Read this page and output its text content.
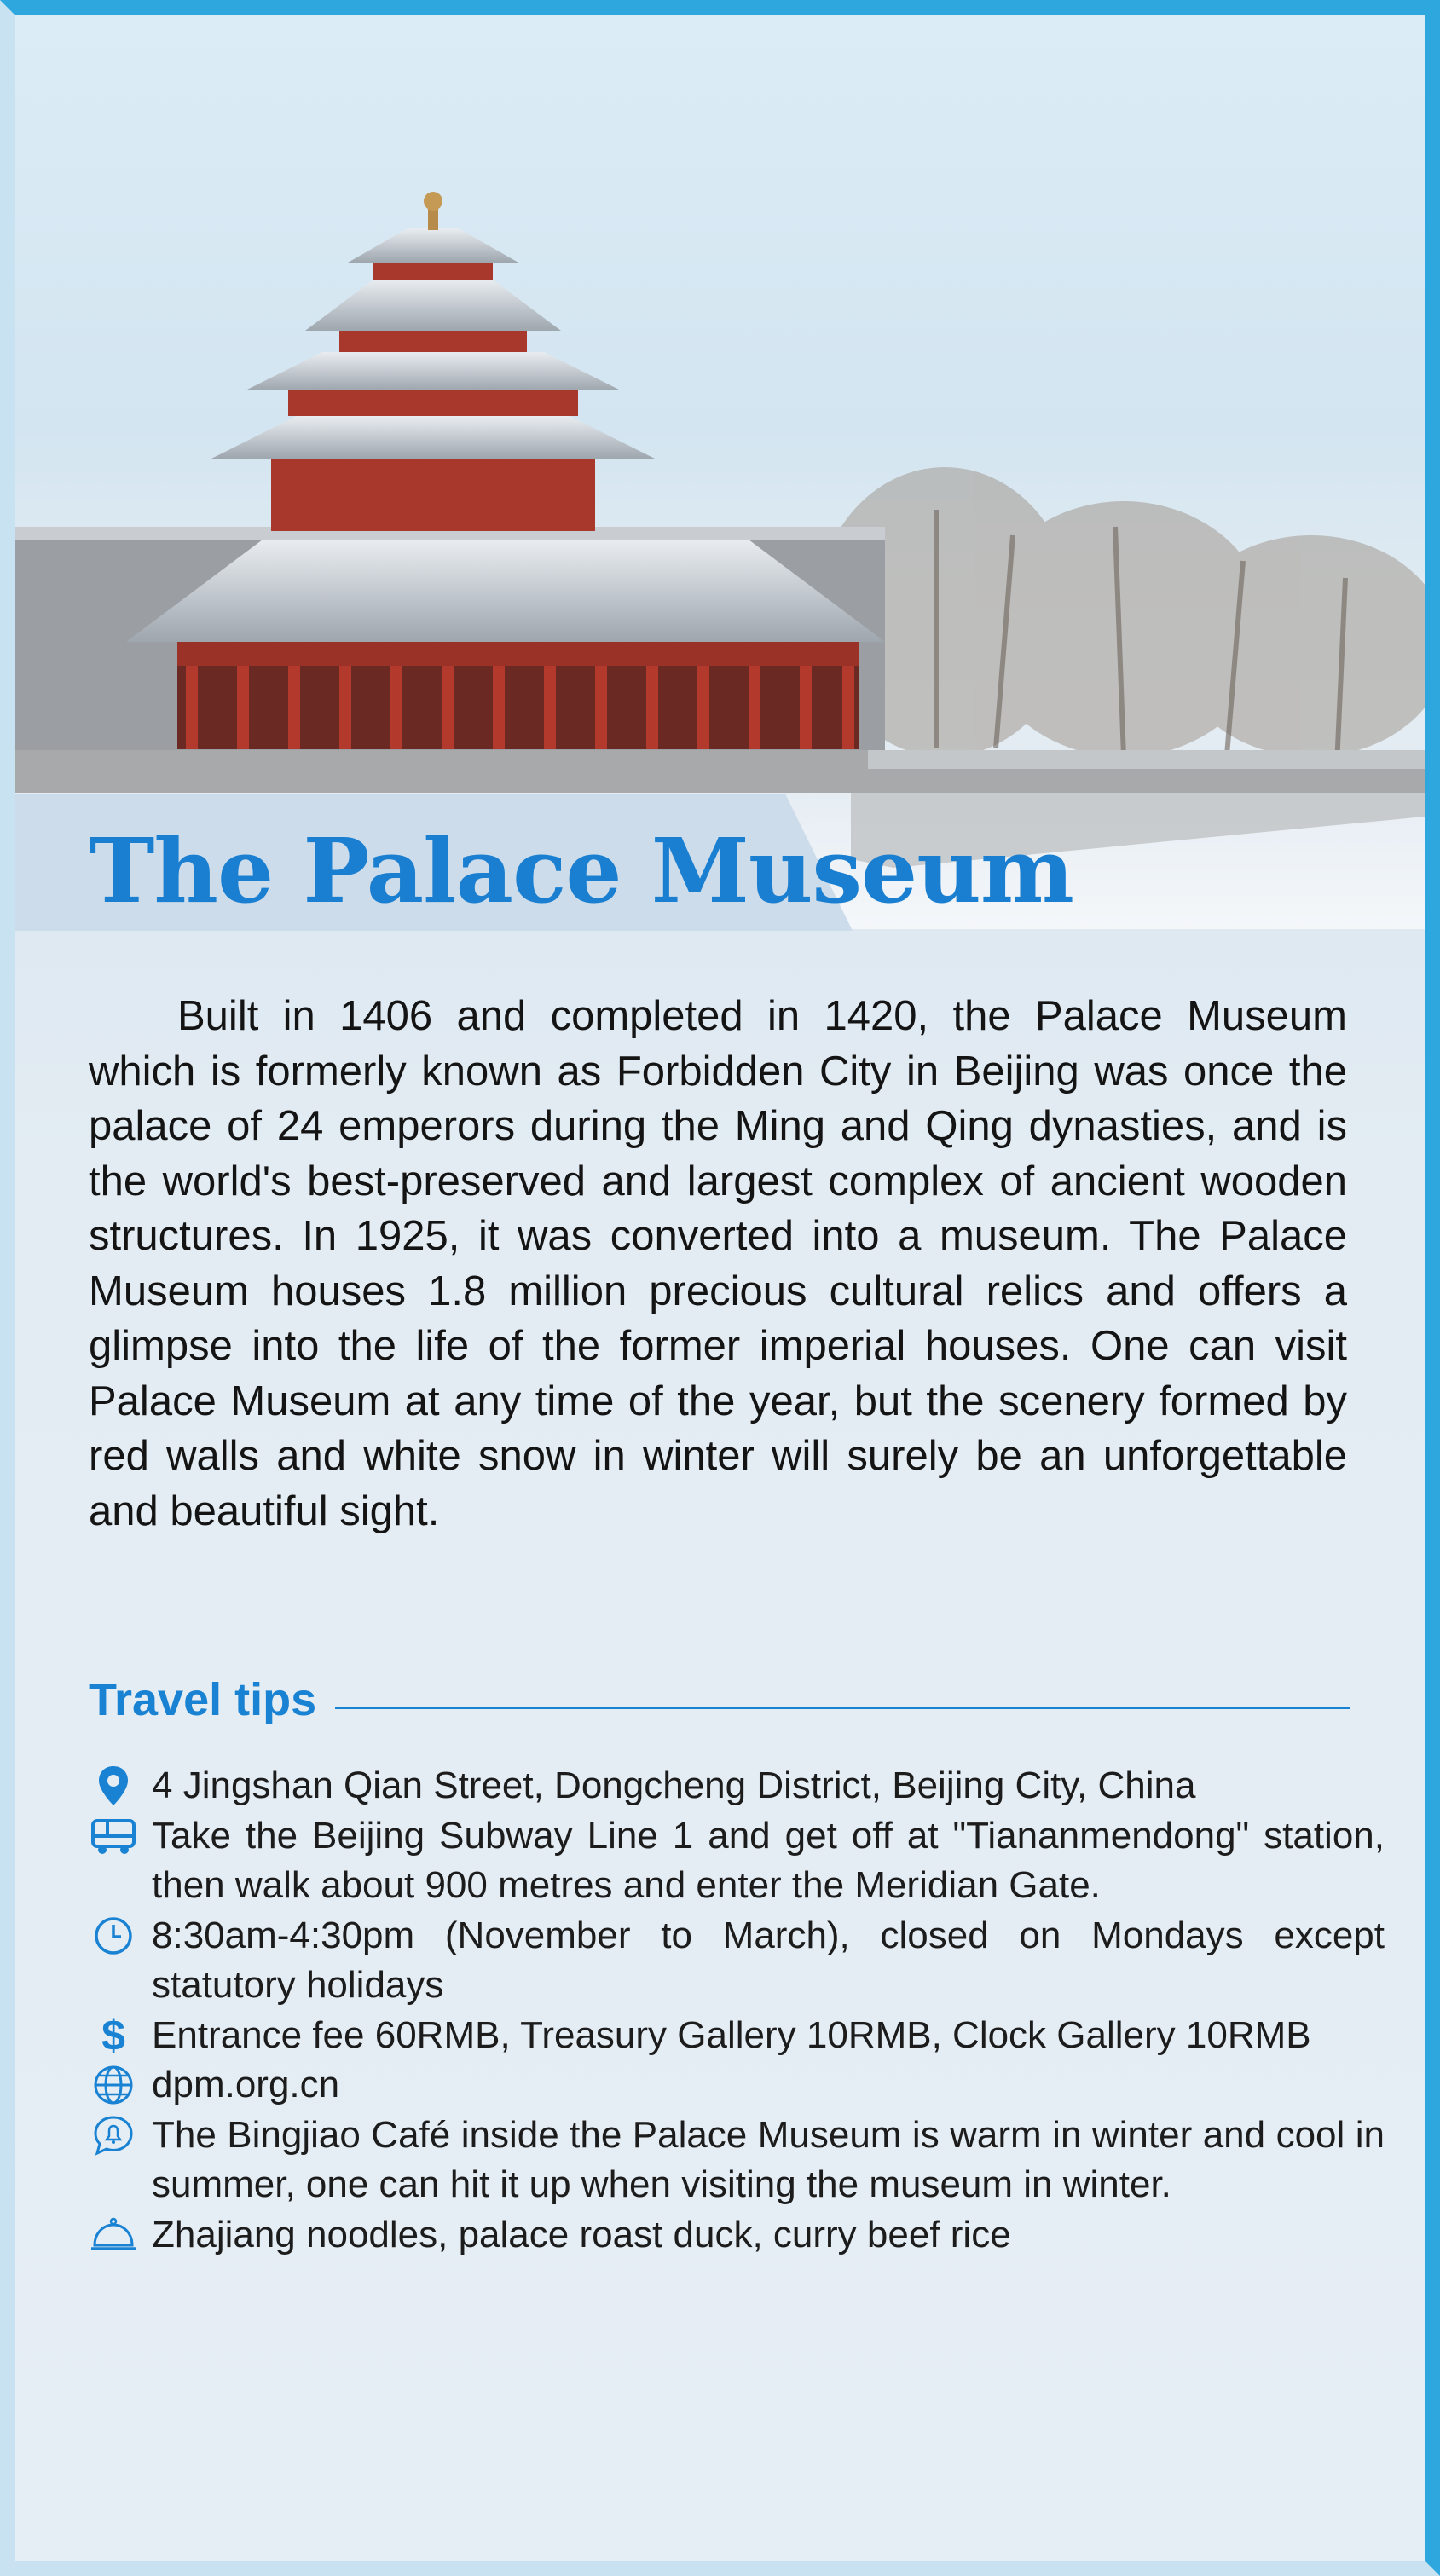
The Palace Museum

Built in 1406 and completed in 1420, the Palace Museum which is formerly known as Forbidden City in Beijing was once the palace of 24 emperors during the Ming and Qing dynasties, and is the world's best-preserved and largest complex of ancient wooden structures. In 1925, it was converted into a museum. The Palace Museum houses 1.8 million precious cultural relics and offers a glimpse into the life of the former imperial houses. One can visit Palace Museum at any time of the year, but the scenery formed by red walls and white snow in winter will surely be an unforgettable and beautiful sight.

Travel tips
4 Jingshan Qian Street, Dongcheng District, Beijing City, China
Take the Beijing Subway Line 1 and get off at "Tiananmendong" station, then walk about 900 metres and enter the Meridian Gate.
8:30am-4:30pm (November to March), closed on Mondays except statutory holidays
$ Entrance fee 60RMB, Treasury Gallery 10RMB, Clock Gallery 10RMB
dpm.org.cn
The Bingjiao Café inside the Palace Museum is warm in winter and cool in summer, one can hit it up when visiting the museum in winter.
Zhajiang noodles, palace roast duck, curry beef rice
